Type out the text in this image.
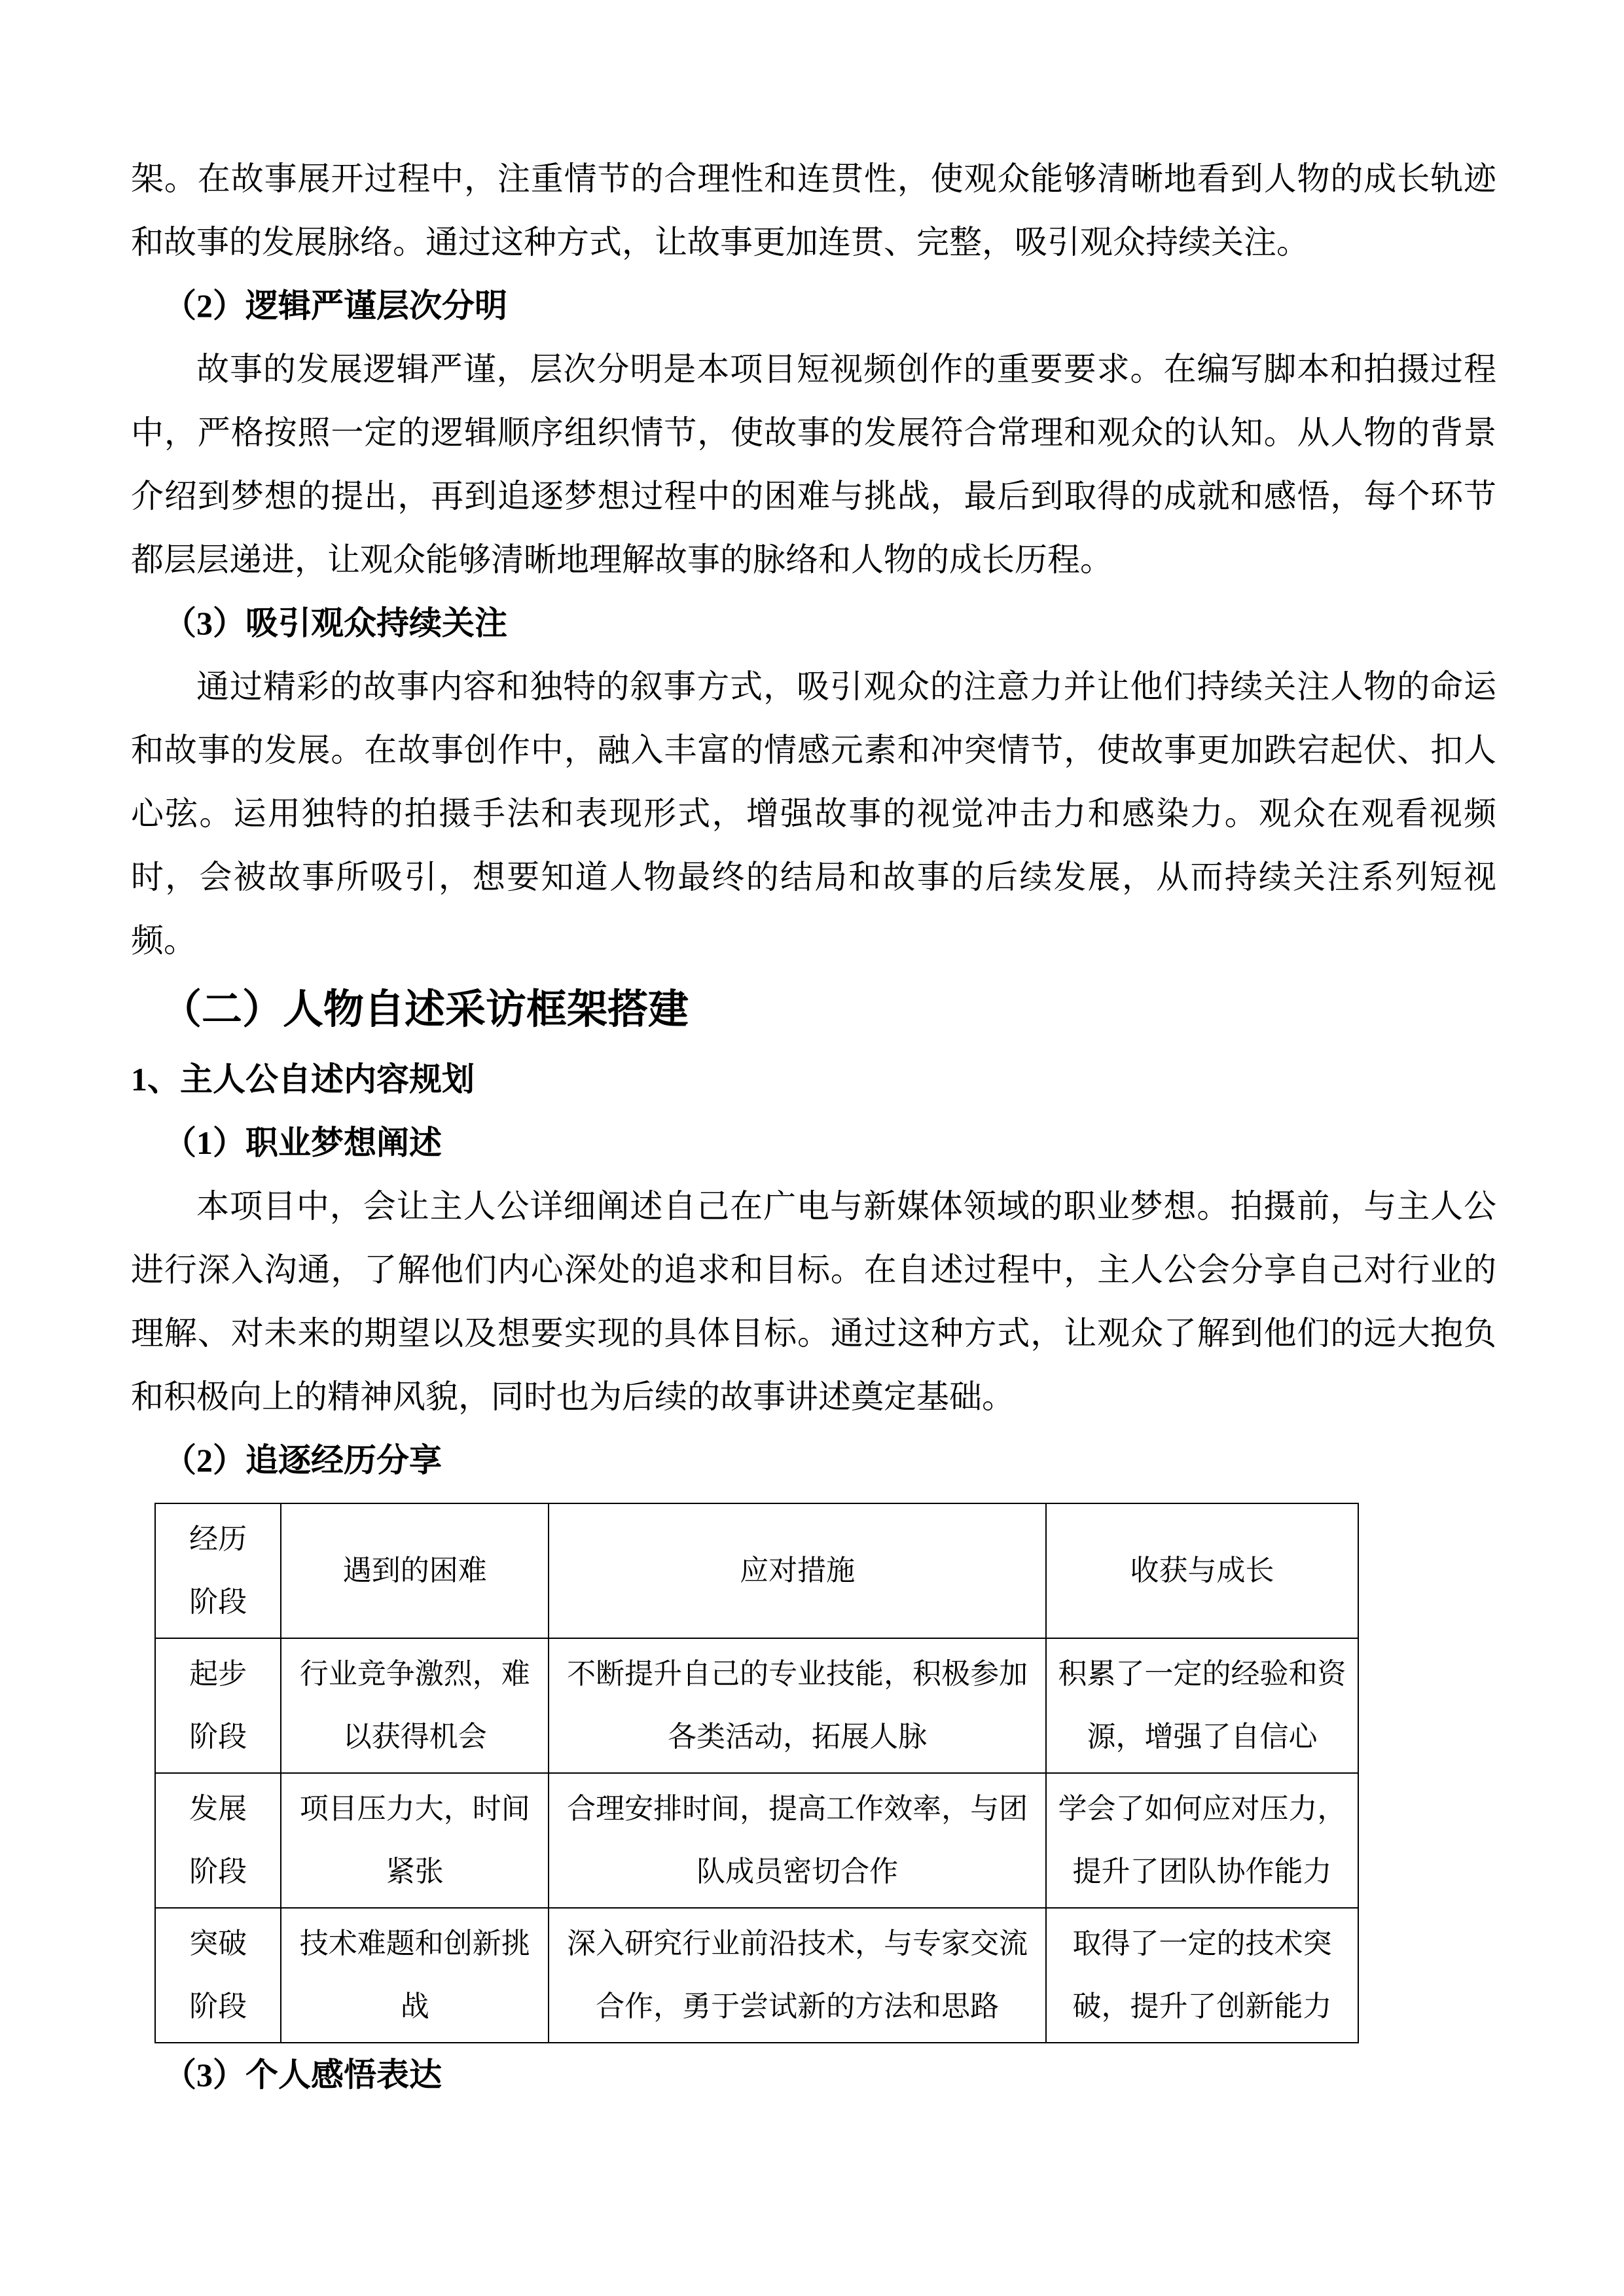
架。在故事展开过程中，注重情节的合理性和连贯性，使观众能够清晰地看到人物的成长轨迹和故事的发展脉络。通过这种方式，让故事更加连贯、完整，吸引观众持续关注。

（2）逻辑严谨层次分明

故事的发展逻辑严谨，层次分明是本项目短视频创作的重要要求。在编写脚本和拍摄过程中，严格按照一定的逻辑顺序组织情节，使故事的发展符合常理和观众的认知。从人物的背景介绍到梦想的提出，再到追逐梦想过程中的困难与挑战，最后到取得的成就和感悟，每个环节都层层递进，让观众能够清晰地理解故事的脉络和人物的成长历程。

（3）吸引观众持续关注

通过精彩的故事内容和独特的叙事方式，吸引观众的注意力并让他们持续关注人物的命运和故事的发展。在故事创作中，融入丰富的情感元素和冲突情节，使故事更加跌宕起伏、扣人心弦。运用独特的拍摄手法和表现形式，增强故事的视觉冲击力和感染力。观众在观看视频时，会被故事所吸引，想要知道人物最终的结局和故事的后续发展，从而持续关注系列短视频。

（二）人物自述采访框架搭建
1、主人公自述内容规划
（1）职业梦想阐述

本项目中，会让主人公详细阐述自己在广电与新媒体领域的职业梦想。拍摄前，与主人公进行深入沟通，了解他们内心深处的追求和目标。在自述过程中，主人公会分享自己对行业的理解、对未来的期望以及想要实现的具体目标。通过这种方式，让观众了解到他们的远大抱负和积极向上的精神风貌，同时也为后续的故事讲述奠定基础。

（2）追逐经历分享
经历
阶段	遇到的困难	应对措施	收获与成长

起步
阶段	行业竞争激烈，难以获得机会	不断提升自己的专业技能，积极参加各类活动，拓展人脉	积累了一定的经验和资源，增强了自信心

发展
阶段	项目压力大，时间紧张	合理安排时间，提高工作效率，与团队成员密切合作	学会了如何应对压力，提升了团队协作能力

突破
阶段	技术难题和创新挑战	深入研究行业前沿技术，与专家交流合作，勇于尝试新的方法和思路	取得了一定的技术突破，提升了创新能力
（3）个人感悟表达
